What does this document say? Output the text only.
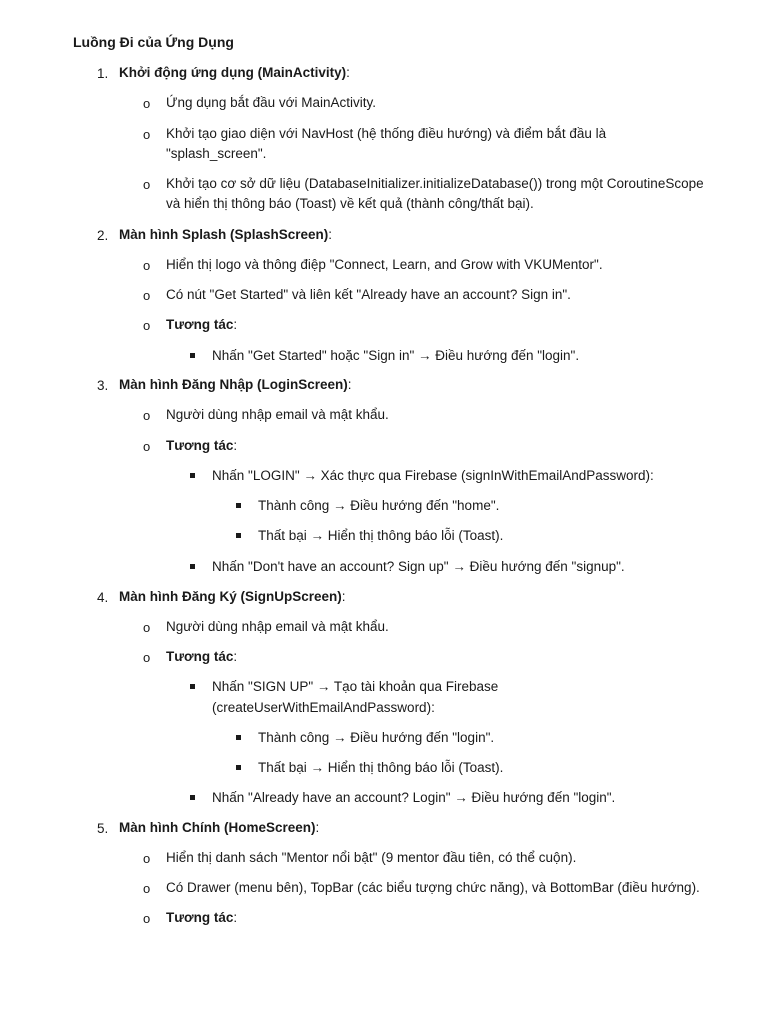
Luồng Đi của Ứng Dụng
1. Khởi động ứng dụng (MainActivity):
o Ứng dụng bắt đầu với MainActivity.
o Khởi tạo giao diện với NavHost (hệ thống điều hướng) và điểm bắt đầu là
"splash_screen".
o Khởi tạo cơ sở dữ liệu (DatabaseInitializer.initializeDatabase()) trong một CoroutineScope
và hiển thị thông báo (Toast) về kết quả (thành công/thất bại).
2. Màn hình Splash (SplashScreen):
o Hiển thị logo và thông điệp "Connect, Learn, and Grow with VKUMentor".
o Có nút "Get Started" và liên kết "Already have an account? Sign in".
o Tương tác:
Nhấn "Get Started" hoặc "Sign in" → Điều hướng đến "login".
3. Màn hình Đăng Nhập (LoginScreen):
o Người dùng nhập email và mật khẩu.
o Tương tác:
Nhấn "LOGIN" → Xác thực qua Firebase (signInWithEmailAndPassword):
Thành công → Điều hướng đến "home".
Thất bại → Hiển thị thông báo lỗi (Toast).
Nhấn "Don't have an account? Sign up" → Điều hướng đến "signup".
4. Màn hình Đăng Ký (SignUpScreen):
o Người dùng nhập email và mật khẩu.
o Tương tác:
Nhấn "SIGN UP" → Tạo tài khoản qua Firebase
(createUserWithEmailAndPassword):
Thành công → Điều hướng đến "login".
Thất bại → Hiển thị thông báo lỗi (Toast).
Nhấn "Already have an account? Login" → Điều hướng đến "login".
5. Màn hình Chính (HomeScreen):
o Hiển thị danh sách "Mentor nổi bật" (9 mentor đầu tiên, có thể cuộn).
o Có Drawer (menu bên), TopBar (các biểu tượng chức năng), và BottomBar (điều hướng).
o Tương tác:
